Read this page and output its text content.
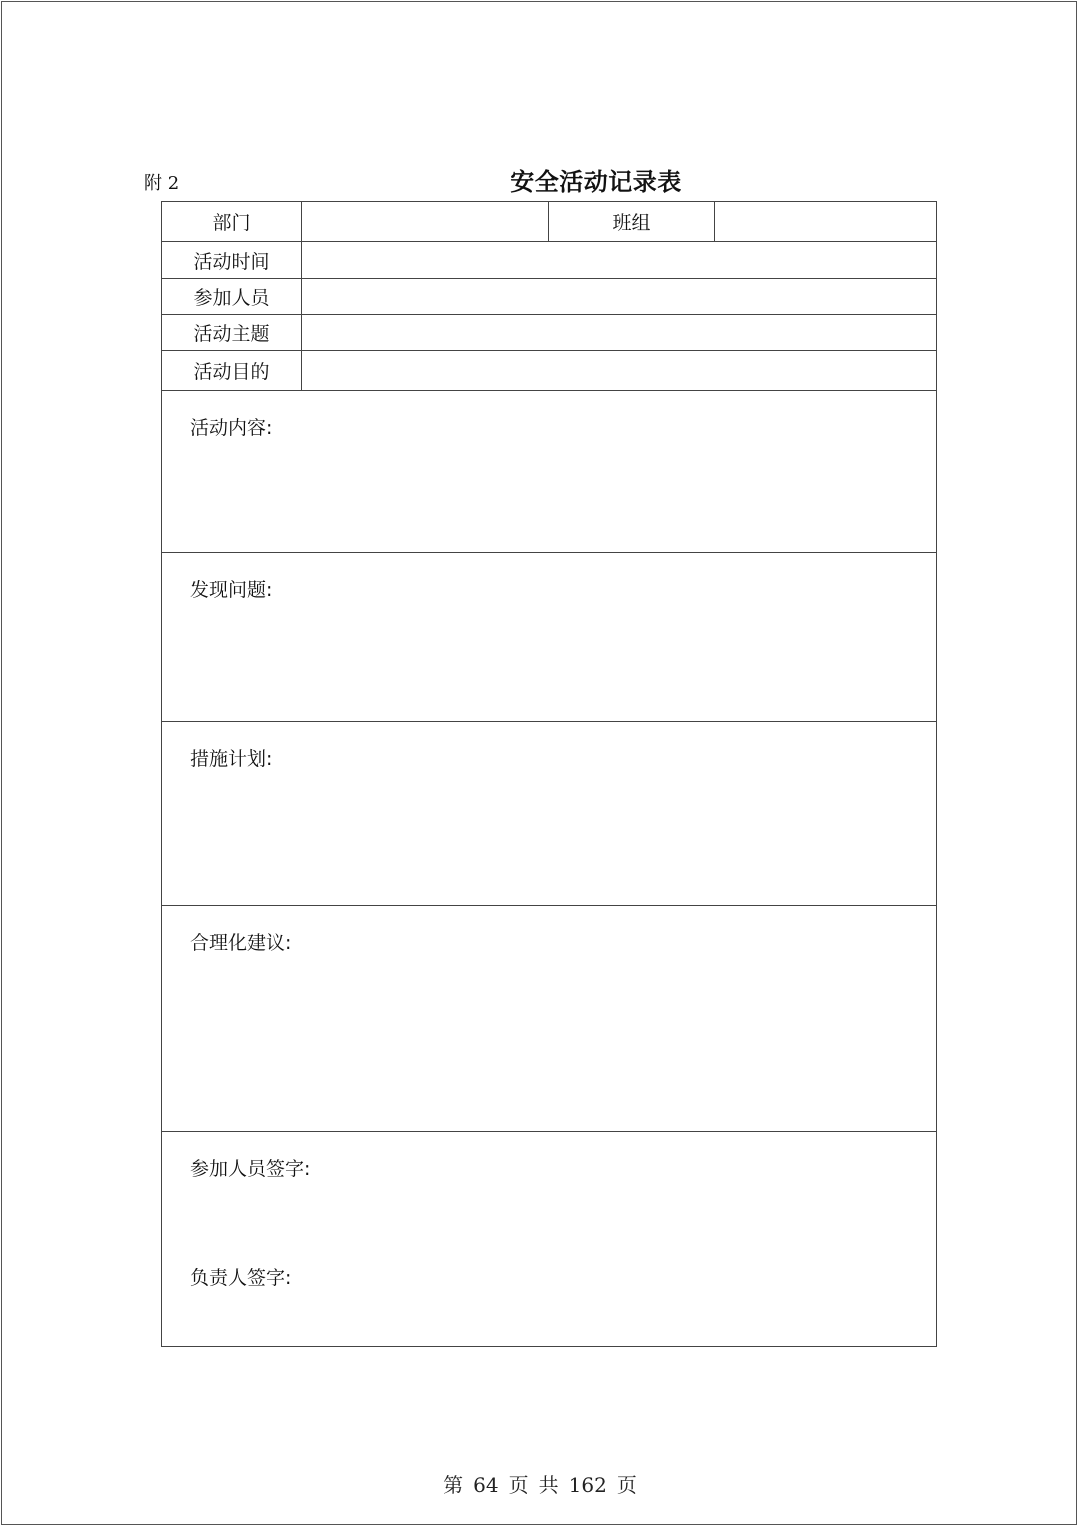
附 2	安全活动记录表
部门		班组	
活动时间			
参加人员			
活动主题			
活动目的			
活动内容:			
发现问题:			
措施计划:			
合理化建议:			

参加人员签字:
负责人签字:			
第 64 页 共 162 页
